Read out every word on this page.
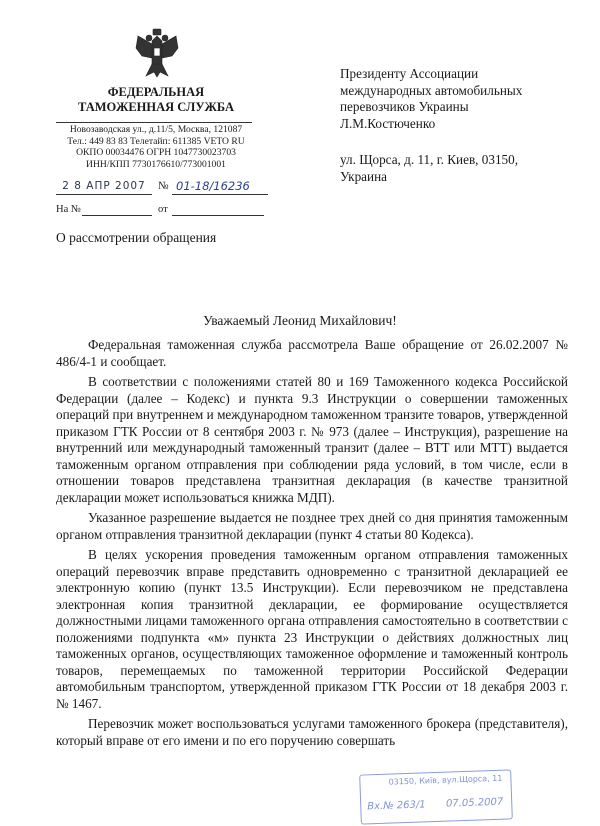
ФЕДЕРАЛЬНАЯ
ТАМОЖЕННАЯ СЛУЖБА
Новозаводская ул., д.11/5, Москва, 121087
Тел.: 449 83 83 Телетайп: 611385 VETO RU
ОКПО 00034476 ОГРН 1047730023703
ИНН/КПП 7730176610/773001001
Президенту Ассоциации
международных автомобильных
перевозчиков Украины
Л.М.Костюченко
ул. Щорса, д. 11, г. Киев, 03150,
Украина
2 8 АПР 2007	№ 01-18/16236
На №	от
О рассмотрении обращения
Уважаемый Леонид Михайлович!

Федеральная таможенная служба рассмотрела Ваше обращение от 26.02.2007 № 486/4-1 и сообщает.

В соответствии с положениями статей 80 и 169 Таможенного кодекса Российской Федерации (далее – Кодекс) и пункта 9.3 Инструкции о совершении таможенных операций при внутреннем и международном таможенном транзите товаров, утвержденной приказом ГТК России от 8 сентября 2003 г. № 973 (далее – Инструкция), разрешение на внутренний или международный таможенный транзит (далее – ВТТ или МТТ) выдается таможенным органом отправления при соблюдении ряда условий, в том числе, если в отношении товаров представлена транзитная декларация (в качестве транзитной декларации может использоваться книжка МДП).

Указанное разрешение выдается не позднее трех дней со дня принятия таможенным органом отправления транзитной декларации (пункт 4 статьи 80 Кодекса).

В целях ускорения проведения таможенным органом отправления таможенных операций перевозчик вправе представить одновременно с транзитной декларацией ее электронную копию (пункт 13.5 Инструкции). Если перевозчиком не представлена электронная копия транзитной декларации, ее формирование осуществляется должностными лицами таможенного органа отправления самостоятельно в соответствии с положениями подпункта «м» пункта 23 Инструкции о действиях должностных лиц таможенных органов, осуществляющих таможенное оформление и таможенный контроль товаров, перемещаемых по таможенной территории Российской Федерации автомобильным транспортом, утвержденной приказом ГТК России от 18 декабря 2003 г. № 1467.

Перевозчик может воспользоваться услугами таможенного брокера (представителя), который вправе от его имени и по его поручению совершать

03150, Київ, вул.Щорса, 11
Вх.№ 263/1 07.05.2007
